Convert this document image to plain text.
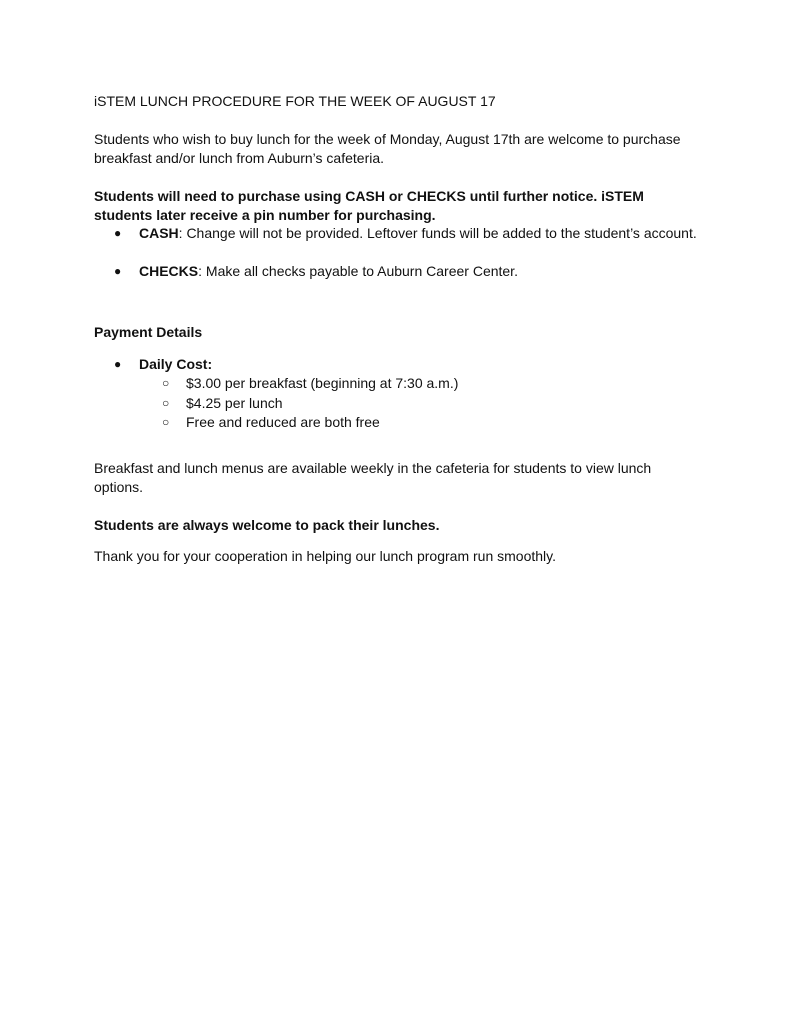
iSTEM LUNCH PROCEDURE FOR THE WEEK OF AUGUST 17

Students who wish to buy lunch for the week of Monday, August 17th are welcome to purchase breakfast and/or lunch from Auburn’s cafeteria.

Students will need to purchase using CASH or CHECKS until further notice. iSTEM students later receive a pin number for purchasing.

● CASH: Change will not be provided. Leftover funds will be added to the student’s account.
● CHECKS: Make all checks payable to Auburn Career Center.

Payment Details

● Daily Cost:
○ $3.00 per breakfast (beginning at 7:30 a.m.)
○ $4.25 per lunch
○ Free and reduced are both free

Breakfast and lunch menus are available weekly in the cafeteria for students to view lunch options.

Students are always welcome to pack their lunches.

Thank you for your cooperation in helping our lunch program run smoothly.
